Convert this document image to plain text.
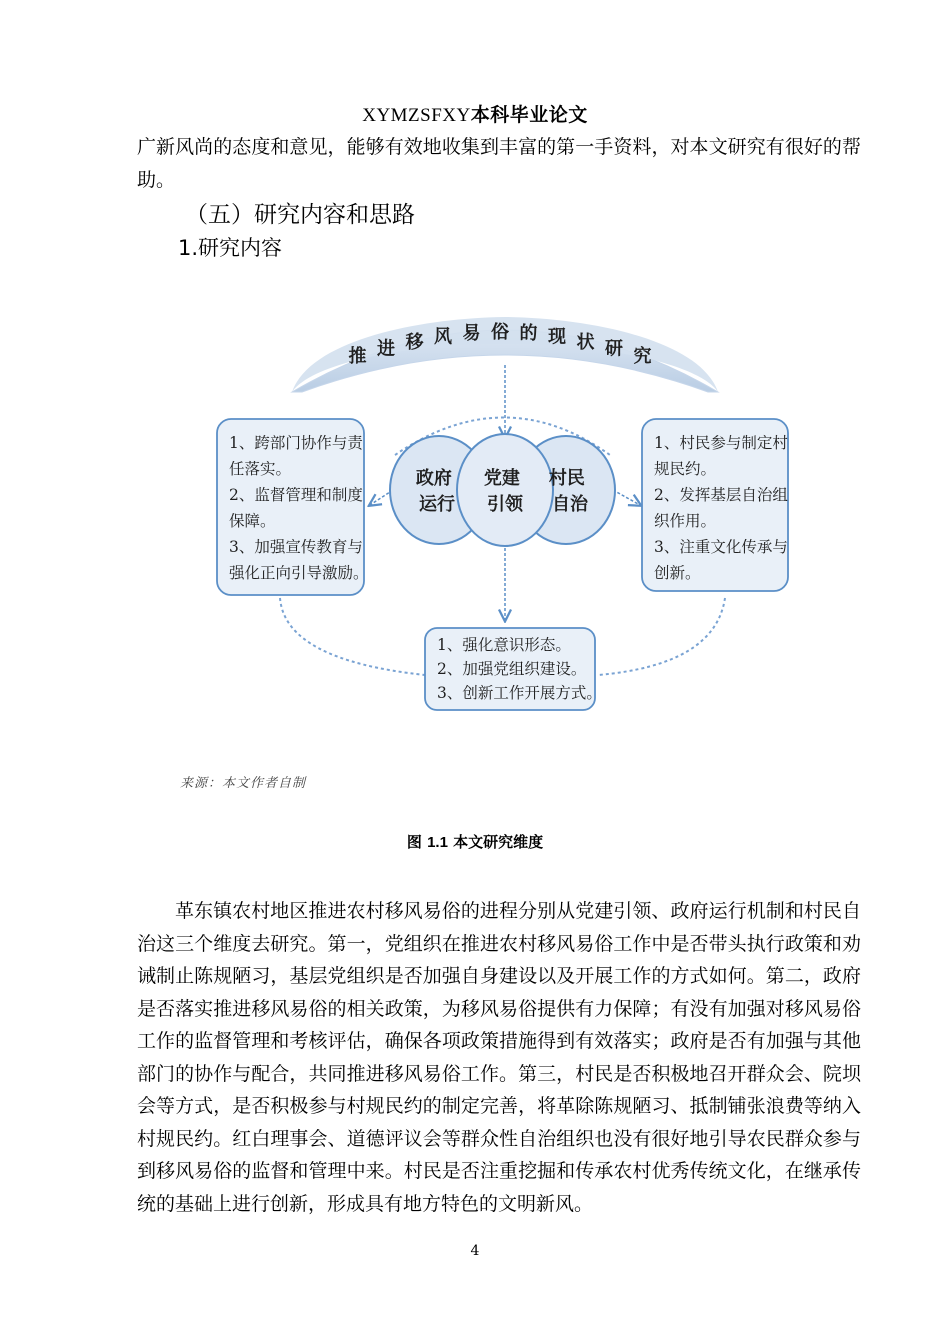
XYMZSFXY本科毕业论文

广新风尚的态度和意见，能够有效地收集到丰富的第一手资料，对本文研究有很好的帮助。

（五）研究内容和思路
1.研究内容
推 进 移 风 易 俗 的 现 状 研 究
1、跨部门协作与责 任落实。 2、监督管理和制度 保障。 3、加强宣传教育与 强化正向引导激励。
1、村民参与制定村 规民约。 2、发挥基层自治组 织作用。 3、注重文化传承与 创新。
1、强化意识形态。 2、加强党组织建设。 3、创新工作开展方式。
政府 运行
党建 引领
村民 自治
来源：本文作者自制
图 1.1 本文研究维度

革东镇农村地区推进农村移风易俗的进程分别从党建引领、政府运行机制和村民自治这三个维度去研究。第一，党组织在推进农村移风易俗工作中是否带头执行政策和劝诫制止陈规陋习，基层党组织是否加强自身建设以及开展工作的方式如何。第二，政府是否落实推进移风易俗的相关政策，为移风易俗提供有力保障；有没有加强对移风易俗工作的监督管理和考核评估，确保各项政策措施得到有效落实；政府是否有加强与其他部门的协作与配合，共同推进移风易俗工作。第三，村民是否积极地召开群众会、院坝会等方式，是否积极参与村规民约的制定完善，将革除陈规陋习、抵制铺张浪费等纳入村规民约。红白理事会、道德评议会等群众性自治组织也没有很好地引导农民群众参与到移风易俗的监督和管理中来。村民是否注重挖掘和传承农村优秀传统文化，在继承传统的基础上进行创新，形成具有地方特色的文明新风。

4
